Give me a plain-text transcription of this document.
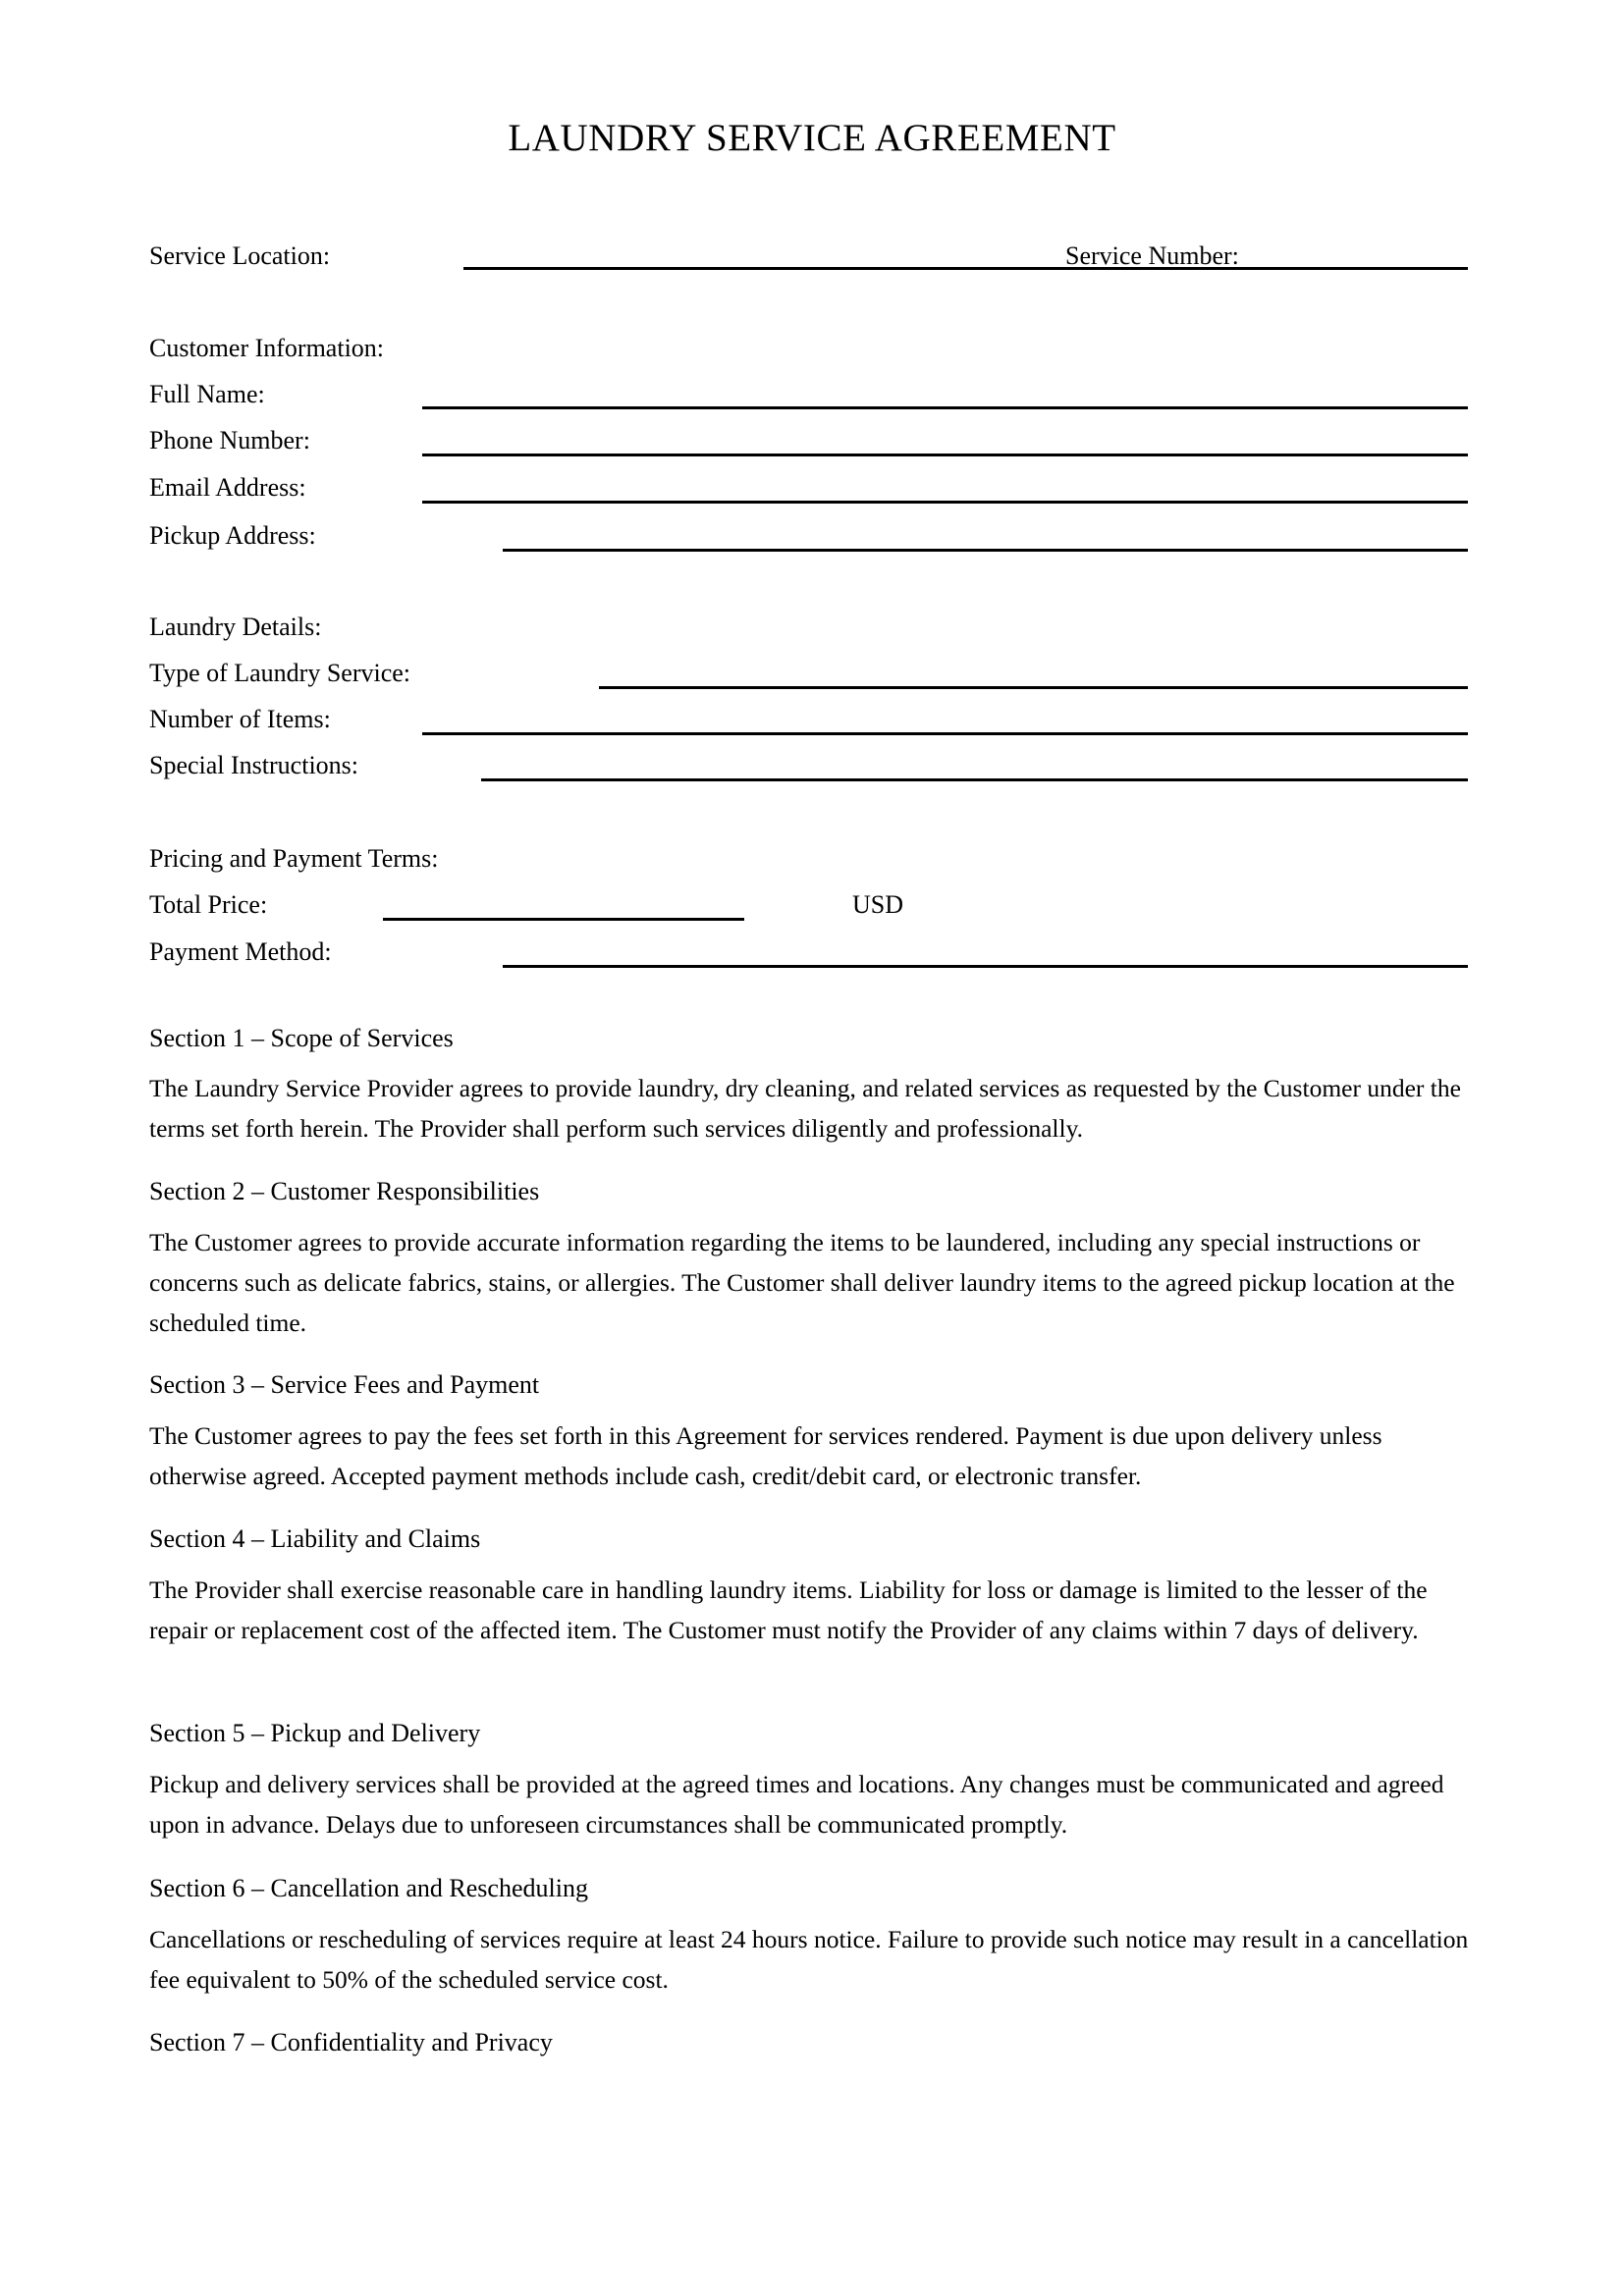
LAUNDRY SERVICE AGREEMENT
Service Location:	Service Number:
Customer Information:
Full Name:
Phone Number:
Email Address:
Pickup Address:
Laundry Details:
Type of Laundry Service:
Number of Items:
Special Instructions:
Pricing and Payment Terms:
Total Price:	USD
Payment Method:
Section 1 – Scope of Services
The Laundry Service Provider agrees to provide laundry, dry cleaning, and related services as requested by the Customer under the terms set forth herein. The Provider shall perform such services diligently and professionally.
Section 2 – Customer Responsibilities
The Customer agrees to provide accurate information regarding the items to be laundered, including any special instructions or concerns such as delicate fabrics, stains, or allergies. The Customer shall deliver laundry items to the agreed pickup location at the scheduled time.
Section 3 – Service Fees and Payment
The Customer agrees to pay the fees set forth in this Agreement for services rendered. Payment is due upon delivery unless otherwise agreed. Accepted payment methods include cash, credit/debit card, or electronic transfer.
Section 4 – Liability and Claims
The Provider shall exercise reasonable care in handling laundry items. Liability for loss or damage is limited to the lesser of the repair or replacement cost of the affected item. The Customer must notify the Provider of any claims within 7 days of delivery.
Section 5 – Pickup and Delivery
Pickup and delivery services shall be provided at the agreed times and locations. Any changes must be communicated and agreed upon in advance. Delays due to unforeseen circumstances shall be communicated promptly.
Section 6 – Cancellation and Rescheduling
Cancellations or rescheduling of services require at least 24 hours notice. Failure to provide such notice may result in a cancellation fee equivalent to 50% of the scheduled service cost.
Section 7 – Confidentiality and Privacy
